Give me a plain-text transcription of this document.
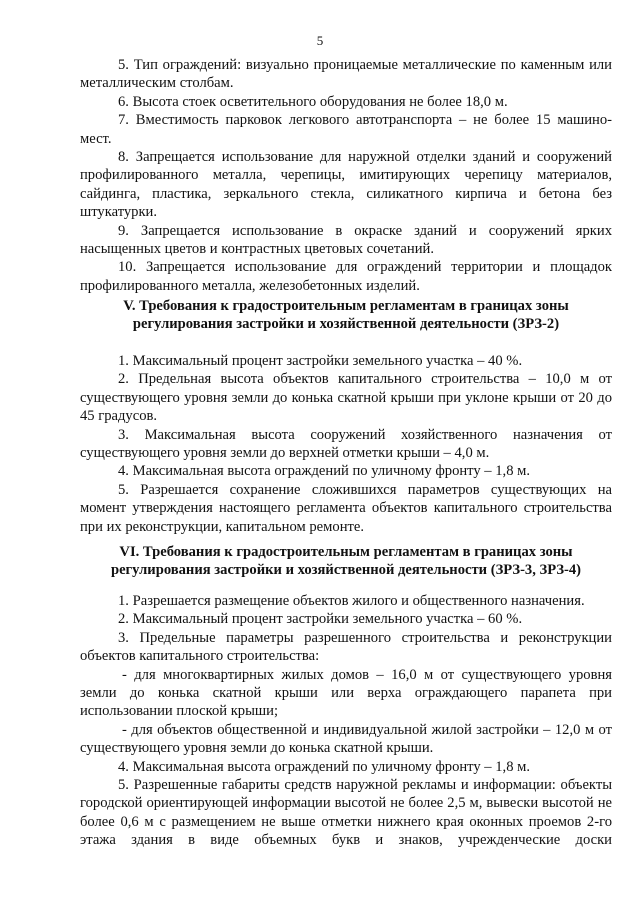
5

5. Тип ограждений: визуально проницаемые металлические по каменным или металлическим столбам.

6. Высота стоек осветительного оборудования не более 18,0 м.

7. Вместимость парковок легкового автотранспорта – не более 15 машино-мест.

8. Запрещается использование для наружной отделки зданий и сооружений профилированного металла, черепицы, имитирующих черепицу материалов, сайдинга, пластика, зеркального стекла, силикатного кирпича и бетона без штукатурки.

9. Запрещается использование в окраске зданий и сооружений ярких насыщенных цветов и контрастных цветовых сочетаний.

10. Запрещается использование для ограждений территории и площадок профилированного металла, железобетонных изделий.

V. Требования к градостроительным регламентам в границах зоны
регулирования застройки и хозяйственной деятельности (ЗРЗ-2)

1. Максимальный процент застройки земельного участка – 40 %.

2. Предельная высота объектов капитального строительства – 10,0 м от существующего уровня земли до конька скатной крыши при уклоне крыши от 20 до 45 градусов.

3. Максимальная высота сооружений хозяйственного назначения от существующего уровня земли до верхней отметки крыши – 4,0 м.

4. Максимальная высота ограждений по уличному фронту – 1,8 м.

5. Разрешается сохранение сложившихся параметров существующих на момент утверждения настоящего регламента объектов капитального строительства при их реконструкции, капитальном ремонте.

VI. Требования к градостроительным регламентам в границах зоны
регулирования застройки и хозяйственной деятельности (ЗРЗ-3, ЗРЗ-4)

1. Разрешается размещение объектов жилого и общественного назначения.

2. Максимальный процент застройки земельного участка – 60 %.

3. Предельные параметры разрешенного строительства и реконструкции объектов капитального строительства:

- для многоквартирных жилых домов – 16,0 м от существующего уровня земли до конька скатной крыши или верха ограждающего парапета при использовании плоской крыши;

- для объектов общественной и индивидуальной жилой застройки – 12,0 м от существующего уровня земли до конька скатной крыши.

4. Максимальная высота ограждений по уличному фронту – 1,8 м.

5. Разрешенные габариты средств наружной рекламы и информации: объекты городской ориентирующей информации высотой не более 2,5 м, вывески высотой не более 0,6 м с размещением не выше отметки нижнего края оконных проемов 2-го этажа здания в виде объемных букв и знаков, учрежденческие доски
